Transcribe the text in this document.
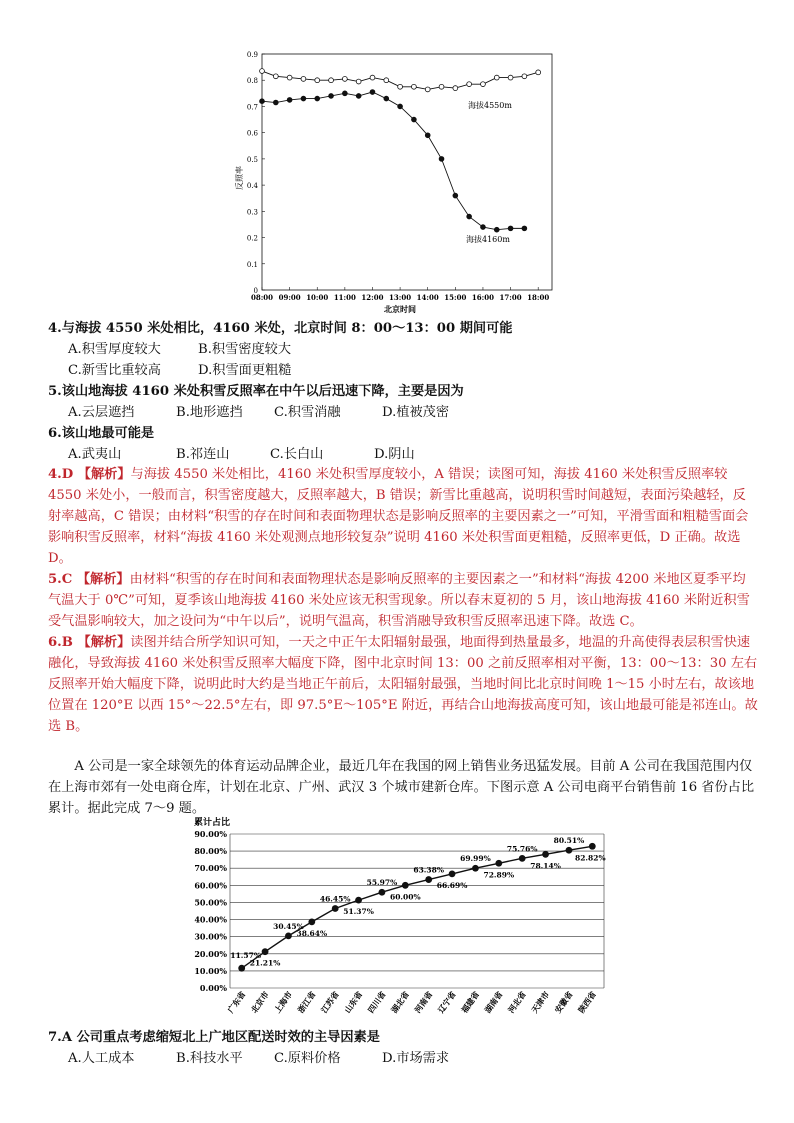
0
0.1
0.2
0.3
0.4
0.5
0.6
0.7
0.8
0.9
08:00 09:00 10:00 11:00 12:00 13:00 14:00 15:00 16:00 17:00 18:00
海拔4550m
海拔4160m
北京时间
反照率
4.与海拔 4550 米处相比，4160 米处，北京时间 8：00～13：00 期间可能
A.积雪厚度较大	B.积雪密度较大
C.新雪比重较高	D.积雪面更粗糙
5.该山地海拔 4160 米处积雪反照率在中午以后迅速下降，主要是因为
A.云层遮挡	B.地形遮挡 C.积雪消融	D.植被茂密
6.该山地最可能是
A.武夷山	B.祁连山	C.长白山	D.阴山

4.D 【解析】与海拔 4550 米处相比，4160 米处积雪厚度较小，A 错误；读图可知，海拔 4160 米处积雪反照率较 4550 米处小，一般而言，积雪密度越大，反照率越大，B 错误；新雪比重越高，说明积雪时间越短，表面污染越轻，反射率越高，C 错误；由材料“积雪的存在时间和表面物理状态是影响反照率的主要因素之一”可知，平滑雪面和粗糙雪面会影响积雪反照率，材料“海拔 4160 米处观测点地形较复杂”说明 4160 米处积雪面更粗糙，反照率更低，D 正确。故选 D。

5.C 【解析】由材料“积雪的存在时间和表面物理状态是影响反照率的主要因素之一”和材料“海拔 4200 米地区夏季平均气温大于 0℃”可知，夏季该山地海拔 4160 米处应该无积雪现象。所以春末夏初的 5 月，该山地海拔 4160 米附近积雪受气温影响较大，加之设问为“中午以后”，说明气温高，积雪消融导致积雪反照率迅速下降。故选 C。

6.B 【解析】读图并结合所学知识可知，一天之中正午太阳辐射最强，地面得到热量最多，地温的升高使得表层积雪快速融化，导致海拔 4160 米处积雪反照率大幅度下降，图中北京时间 13：00 之前反照率相对平衡，13：00～13：30 左右反照率开始大幅度下降，说明此时大约是当地正午前后，太阳辐射最强，当地时间比北京时间晚 1～15 小时左右，故该地位置在 120°E 以西 15°～22.5°左右，即 97.5°E～105°E 附近，再结合山地海拔高度可知，该山地最可能是祁连山。故选 B。

A 公司是一家全球领先的体育运动品牌企业，最近几年在我国的网上销售业务迅猛发展。目前 A 公司在我国范围内仅在上海市郊有一处电商仓库，计划在北京、广州、武汉 3 个城市建新仓库。下图示意 A 公司电商平台销售前 16 省份占比累计。据此完成 7～9 题。
累计占比
0.00%
10.00%
20.00%
30.00%
40.00%
50.00%
60.00%
70.00%
80.00%
90.00%
广东省 北京市 上海市 浙江省 江苏省 山东省 四川省 湖北省 河南省 辽宁省 福建省 湖南省 河北省 天津市 安徽省 陕西省
11.57%
21.21%
30.45%
38.64%
46.45%
51.37%
55.97%
60.00%
63.38%
66.69%
69.99%
72.89%
75.76%
78.14%
80.51%
82.82%
7.A 公司重点考虑缩短北上广地区配送时效的主导因素是
A.人工成本	B.科技水平 C.原料价格	D.市场需求
